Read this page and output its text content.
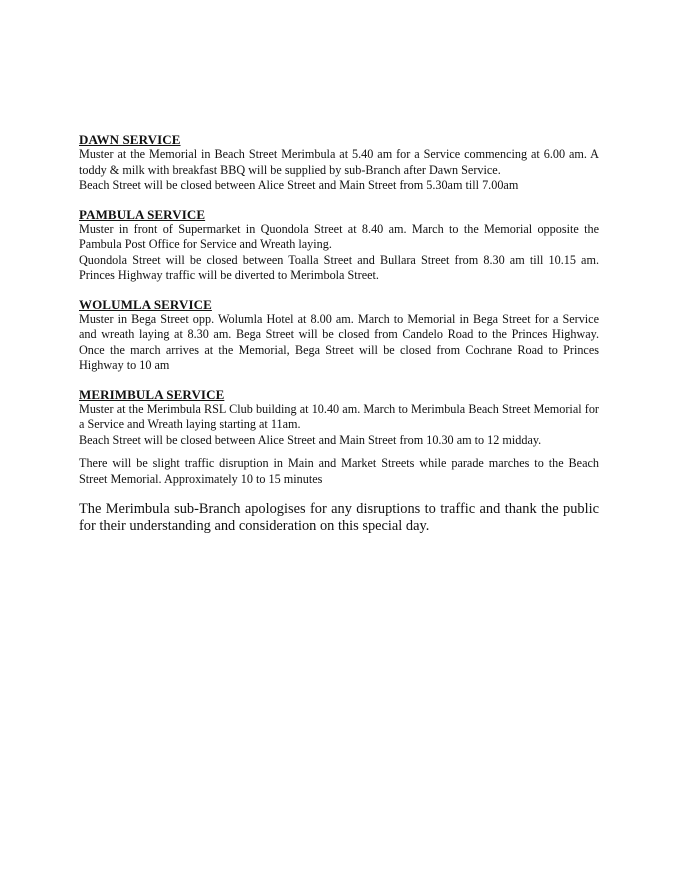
DAWN SERVICE

Muster at the Memorial in Beach Street Merimbula at 5.40 am for a Service commencing at 6.00 am. A toddy & milk with breakfast BBQ will be supplied by sub-Branch after Dawn Service.

Beach Street will be closed between Alice Street and Main Street from 5.30am till 7.00am

PAMBULA SERVICE

Muster in front of Supermarket in Quondola Street at 8.40 am. March to the Memorial opposite the Pambula Post Office for Service and Wreath laying.

Quondola Street will be closed between Toalla Street and Bullara Street from 8.30 am till 10.15 am. Princes Highway traffic will be diverted to Merimbola Street.

WOLUMLA SERVICE

Muster in Bega Street opp. Wolumla Hotel at 8.00 am. March to Memorial in Bega Street for a Service and wreath laying at 8.30 am. Bega Street will be closed from Candelo Road to the Princes Highway. Once the march arrives at the Memorial, Bega Street will be closed from Cochrane Road to Princes Highway to 10 am

MERIMBULA SERVICE

Muster at the Merimbula RSL Club building at 10.40 am. March to Merimbula Beach Street Memorial for a Service and Wreath laying starting at 11am.

Beach Street will be closed between Alice Street and Main Street from 10.30 am to 12 midday.

There will be slight traffic disruption in Main and Market Streets while parade marches to the Beach Street Memorial. Approximately 10 to 15 minutes

The Merimbula sub-Branch apologises for any disruptions to traffic and thank the public for their understanding and consideration on this special day.
